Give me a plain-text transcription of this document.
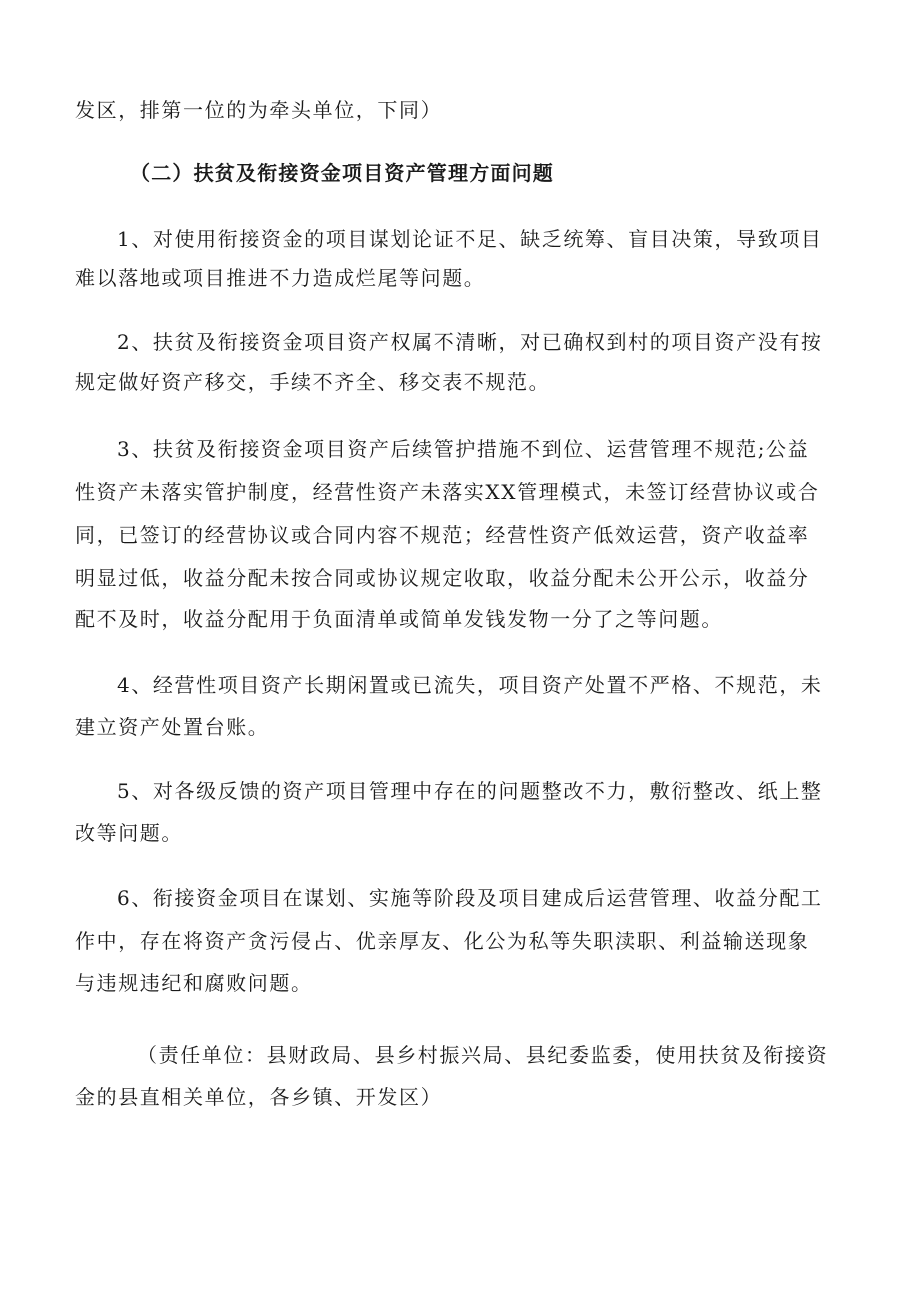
发区，排第一位的为牵头单位，下同）
（二）扶贫及衔接资金项目资产管理方面问题
1、对使用衔接资金的项目谋划论证不足、缺乏统筹、盲目决策，导致项目
难以落地或项目推进不力造成烂尾等问题。
2、扶贫及衔接资金项目资产权属不清晰，对已确权到村的项目资产没有按
规定做好资产移交，手续不齐全、移交表不规范。
3、扶贫及衔接资金项目资产后续管护措施不到位、运营管理不规范;公益
性资产未落实管护制度，经营性资产未落实XX管理模式，未签订经营协议或合
同，已签订的经营协议或合同内容不规范；经营性资产低效运营，资产收益率
明显过低，收益分配未按合同或协议规定收取，收益分配未公开公示，收益分
配不及时，收益分配用于负面清单或简单发钱发物一分了之等问题。
4、经营性项目资产长期闲置或已流失，项目资产处置不严格、不规范，未
建立资产处置台账。
5、对各级反馈的资产项目管理中存在的问题整改不力，敷衍整改、纸上整
改等问题。
6、衔接资金项目在谋划、实施等阶段及项目建成后运营管理、收益分配工
作中，存在将资产贪污侵占、优亲厚友、化公为私等失职渎职、利益输送现象
与违规违纪和腐败问题。
（责任单位：县财政局、县乡村振兴局、县纪委监委，使用扶贫及衔接资
金的县直相关单位，各乡镇、开发区）
